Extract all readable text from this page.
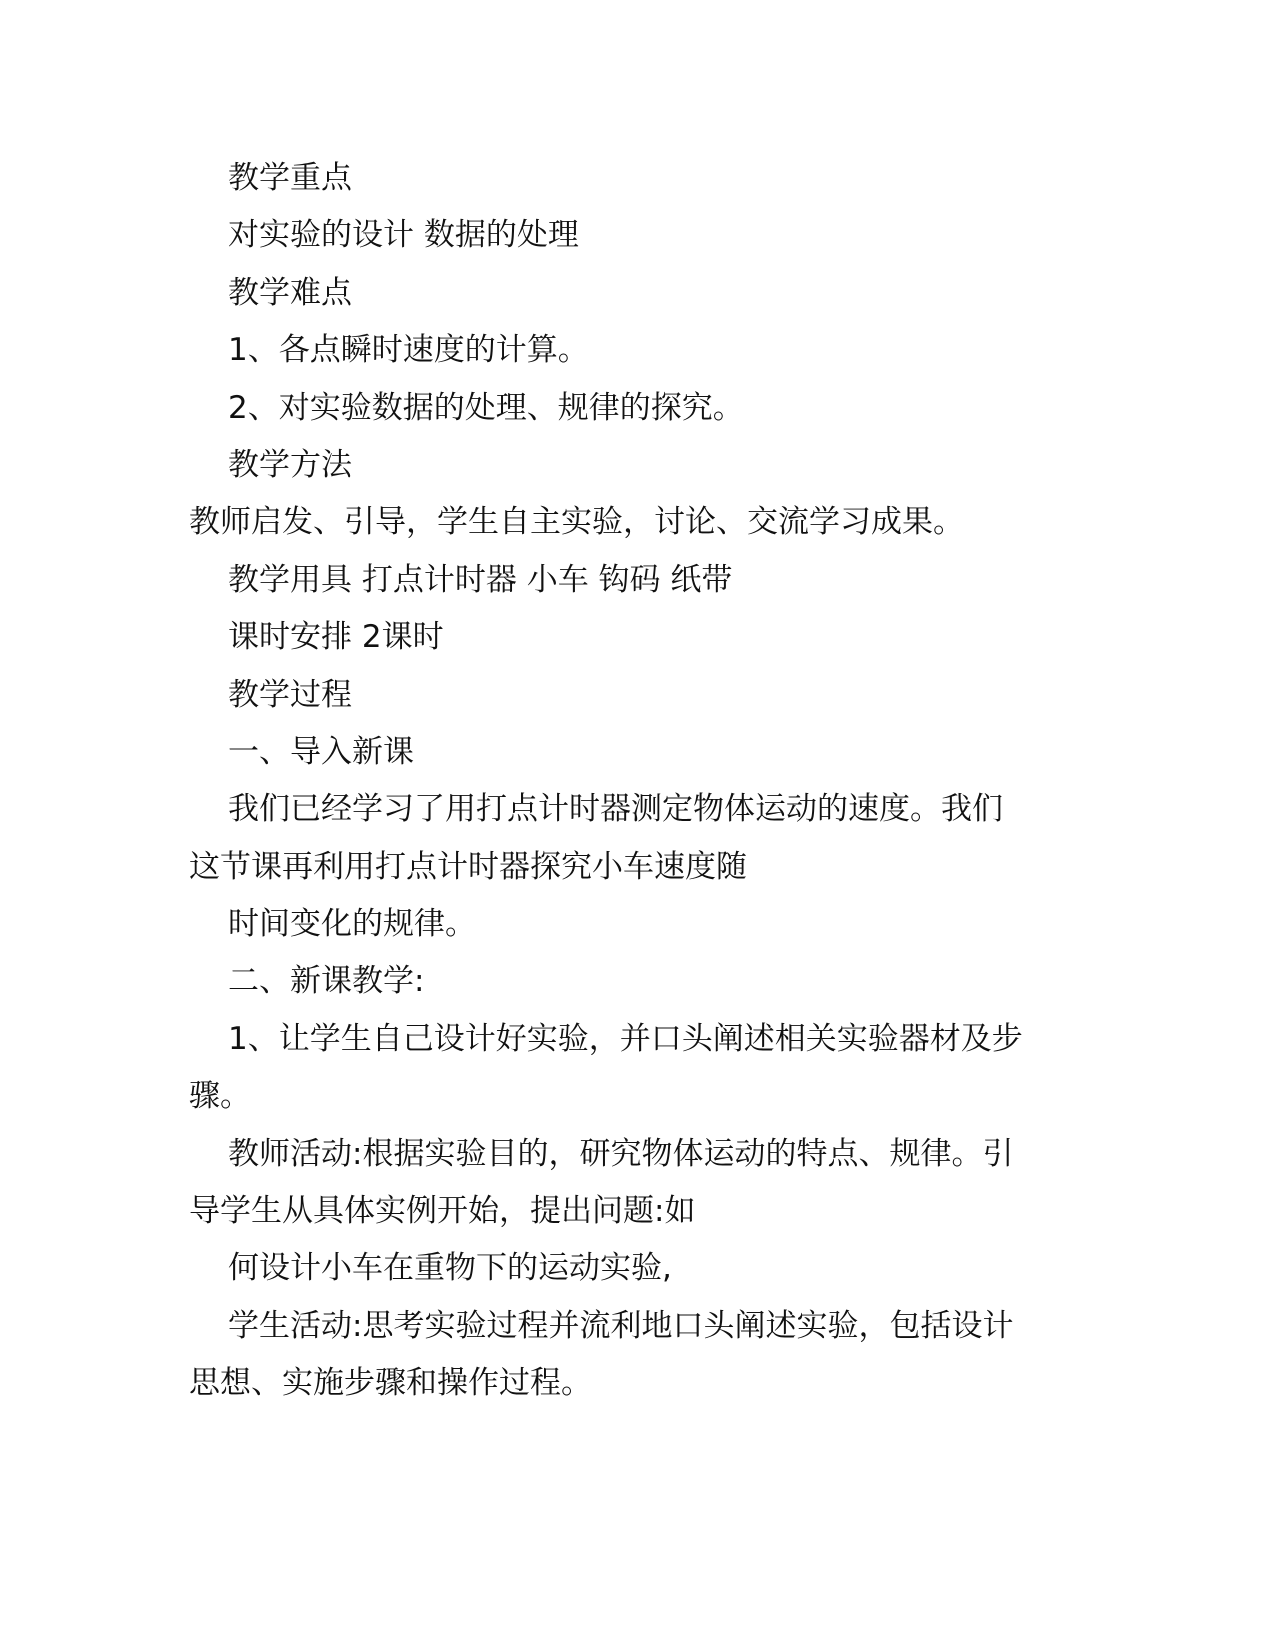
教学重点
对实验的设计 数据的处理
教学难点
1、各点瞬时速度的计算。
2、对实验数据的处理、规律的探究。
教学方法
教师启发、引导，学生自主实验，讨论、交流学习成果。
教学用具 打点计时器 小车 钩码 纸带
课时安排 2课时
教学过程
一、导入新课
我们已经学习了用打点计时器测定物体运动的速度。我们
这节课再利用打点计时器探究小车速度随
时间变化的规律。
二、新课教学:
1、让学生自己设计好实验，并口头阐述相关实验器材及步
骤。
教师活动:根据实验目的，研究物体运动的特点、规律。引
导学生从具体实例开始，提出问题:如
何设计小车在重物下的运动实验,
学生活动:思考实验过程并流利地口头阐述实验，包括设计
思想、实施步骤和操作过程。
